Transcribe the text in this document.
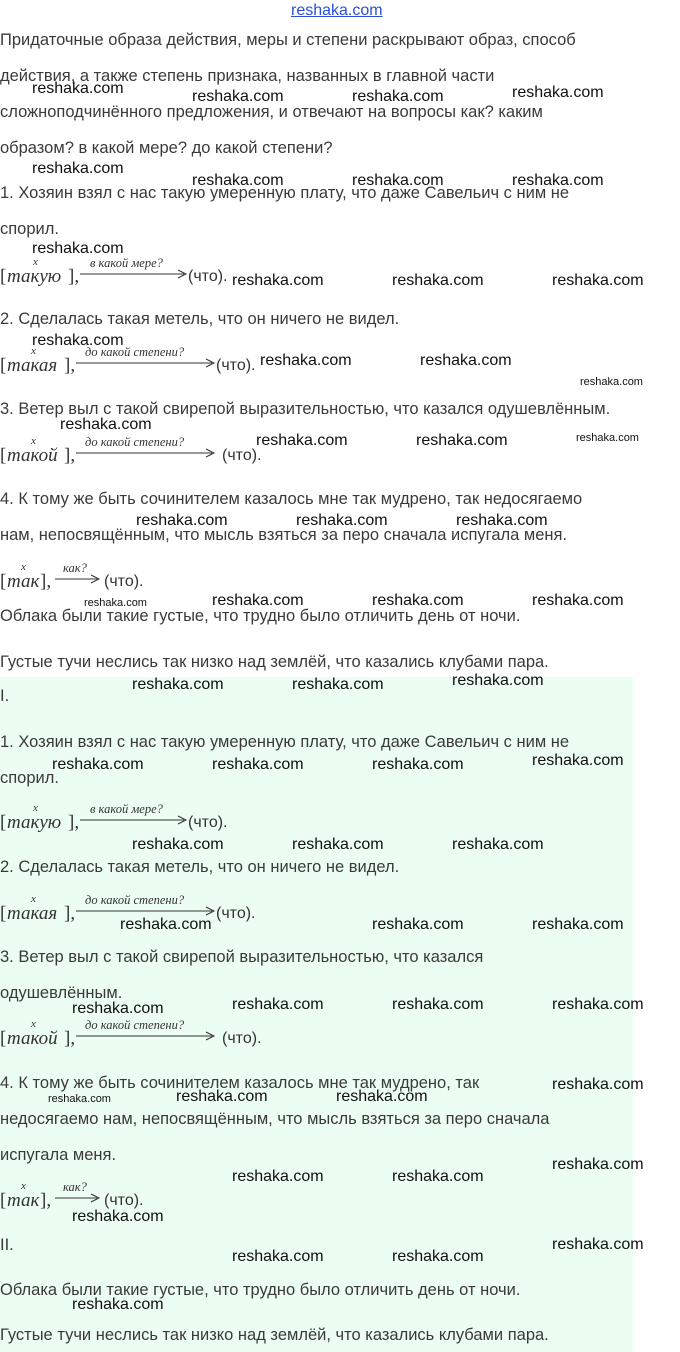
reshaka.com
Придаточные образа действия, меры и степени раскрывают образ, способ
действия, а также степень признака, названных в главной части
сложноподчинённого предложения, и отвечают на вопросы как? каким
образом? в какой мере? до какой степени?
1. Хозяин взял с нас такую умеренную плату, что даже Савельич с ним не
спорил.
[ такую ],
x	в какой мере?
(что).
2. Сделалась такая метель, что он ничего не видел.
[ такая ],
x	до какой степени?
(что).
3. Ветер выл с такой свирепой выразительностью, что казался одушевлённым.
[ такой ],
x	до какой степени?
(что).
4. К тому же быть сочинителем казалось мне так мудрено, так недосягаемо
нам, непосвящённым, что мысль взяться за перо сначала испугала меня.
[ так ],
x	как?
(что).
Облака были такие густые, что трудно было отличить день от ночи.
Густые тучи неслись так низко над землёй, что казались клубами пара.
I.
1. Хозяин взял с нас такую умеренную плату, что даже Савельич с ним не
спорил.
[ такую ],
x	в какой мере?
(что).
2. Сделалась такая метель, что он ничего не видел.
[ такая ],
x	до какой степени?
(что).
3. Ветер выл с такой свирепой выразительностью, что казался
одушевлённым.
[ такой ],
x	до какой степени?
(что).
4. К тому же быть сочинителем казалось мне так мудрено, так
недосягаемо нам, непосвящённым, что мысль взяться за перо сначала
испугала меня.
[ так ],
x	как?
(что).
II.
Облака были такие густые, что трудно было отличить день от ночи.
Густые тучи неслись так низко над землёй, что казались клубами пара.
reshaka.com	reshaka.com	reshaka.com	reshaka.com
reshaka.com
reshaka.com	reshaka.com	reshaka.com
reshaka.com
reshaka.com	reshaka.com	reshaka.com
reshaka.com
reshaka.com	reshaka.com
reshaka.com
reshaka.com
reshaka.com	reshaka.com	reshaka.com
reshaka.com	reshaka.com	reshaka.com
reshaka.com	reshaka.com	reshaka.com	reshaka.com
reshaka.com	reshaka.com	reshaka.com
reshaka.com	reshaka.com	reshaka.com	reshaka.com
reshaka.com	reshaka.com	reshaka.com
reshaka.com	reshaka.com	reshaka.com
reshaka.com	reshaka.com	reshaka.com	reshaka.com
reshaka.com	reshaka.com	reshaka.com
reshaka.com
reshaka.com
reshaka.com	reshaka.com
reshaka.com
reshaka.com	reshaka.com
reshaka.com
reshaka.com
